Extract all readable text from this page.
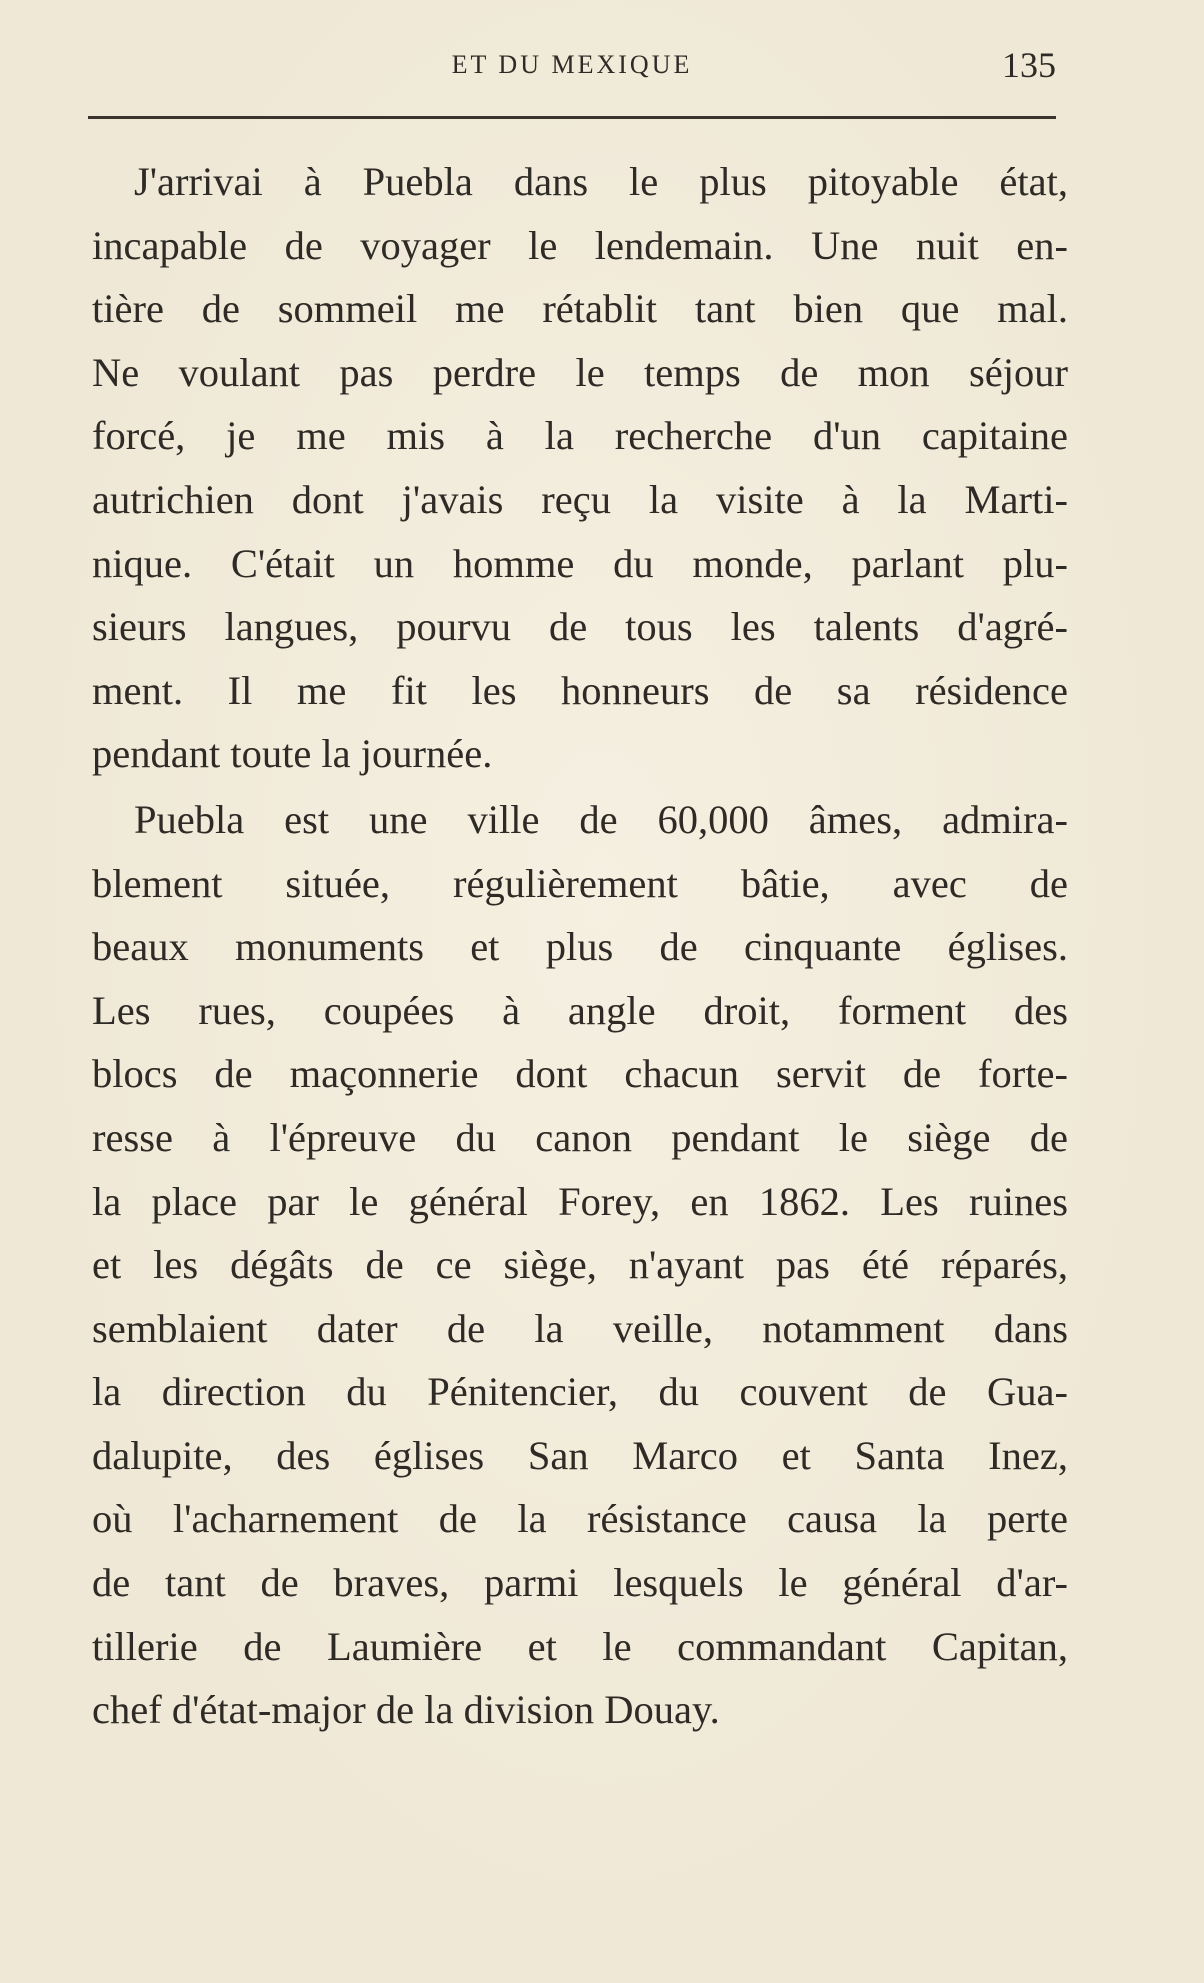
ET DU MEXIQUE	135
J'arrivai à Puebla dans le plus pitoyable état,
incapable de voyager le lendemain. Une nuit en-
tière de sommeil me rétablit tant bien que mal.
Ne voulant pas perdre le temps de mon séjour
forcé, je me mis à la recherche d'un capitaine
autrichien dont j'avais reçu la visite à la Marti-
nique. C'était un homme du monde, parlant plu-
sieurs langues, pourvu de tous les talents d'agré-
ment. Il me fit les honneurs de sa résidence
pendant toute la journée.
Puebla est une ville de 60,000 âmes, admira-
blement située, régulièrement bâtie, avec de
beaux monuments et plus de cinquante églises.
Les rues, coupées à angle droit, forment des
blocs de maçonnerie dont chacun servit de forte-
resse à l'épreuve du canon pendant le siège de
la place par le général Forey, en 1862. Les ruines
et les dégâts de ce siège, n'ayant pas été réparés,
semblaient dater de la veille, notamment dans
la direction du Pénitencier, du couvent de Gua-
dalupite, des églises San Marco et Santa Inez,
où l'acharnement de la résistance causa la perte
de tant de braves, parmi lesquels le général d'ar-
tillerie de Laumière et le commandant Capitan,
chef d'état-major de la division Douay.
